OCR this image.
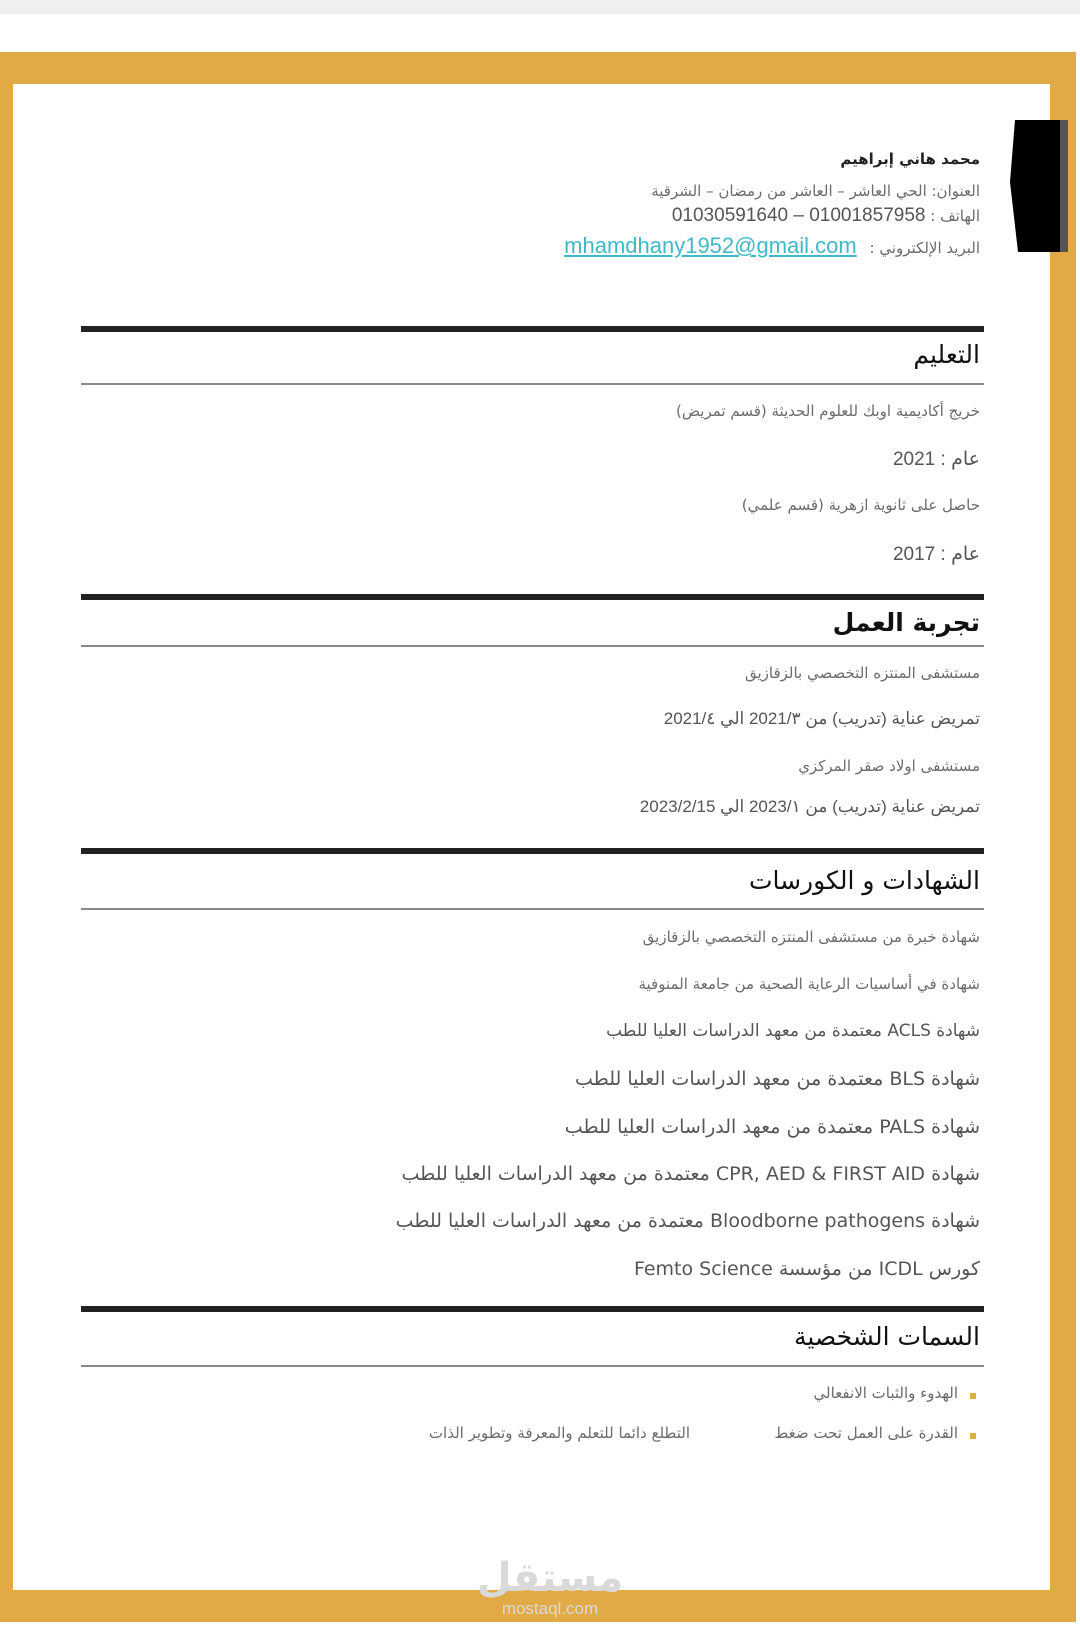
محمد هاني إبراهيم
العنوان: الحي العاشر – العاشر من رمضان – الشرقية
الهاتف : 01030591640 – 01001857958
البريد الإلكتروني : mhamdhany1952@gmail.com
التعليم
خريج أكاديمية اوبك للعلوم الحديثة (قسم تمريض)
عام : 2021
حاصل على ثانوية ازهرية (قسم علمي)
عام : 2017
تجربة العمل
مستشفى المنتزه التخصصي بالزقازيق
تمريض عناية (تدريب) من 2021/٣ الي 2021/٤
مستشفى اولاد صقر المركزي
تمريض عناية (تدريب) من 2023/١ الي 2023/2/15
الشهادات و الكورسات
شهادة خبرة من مستشفى المنتزه التخصصي بالزقازيق
شهادة في أساسيات الرعاية الصحية من جامعة المنوفية
شهادة ACLS معتمدة من معهد الدراسات العليا للطب
شهادة BLS معتمدة من معهد الدراسات العليا للطب
شهادة PALS معتمدة من معهد الدراسات العليا للطب
شهادة CPR, AED & FIRST AID معتمدة من معهد الدراسات العليا للطب
شهادة Bloodborne pathogens معتمدة من معهد الدراسات العليا للطب
كورس ICDL من مؤسسة Femto Science
السمات الشخصية
الهدوء والثبات الانفعالي
القدرة على العمل تحت ضغط
التطلع دائما للتعلم والمعرفة وتطوير الذات
مستقل
mostaql.com
